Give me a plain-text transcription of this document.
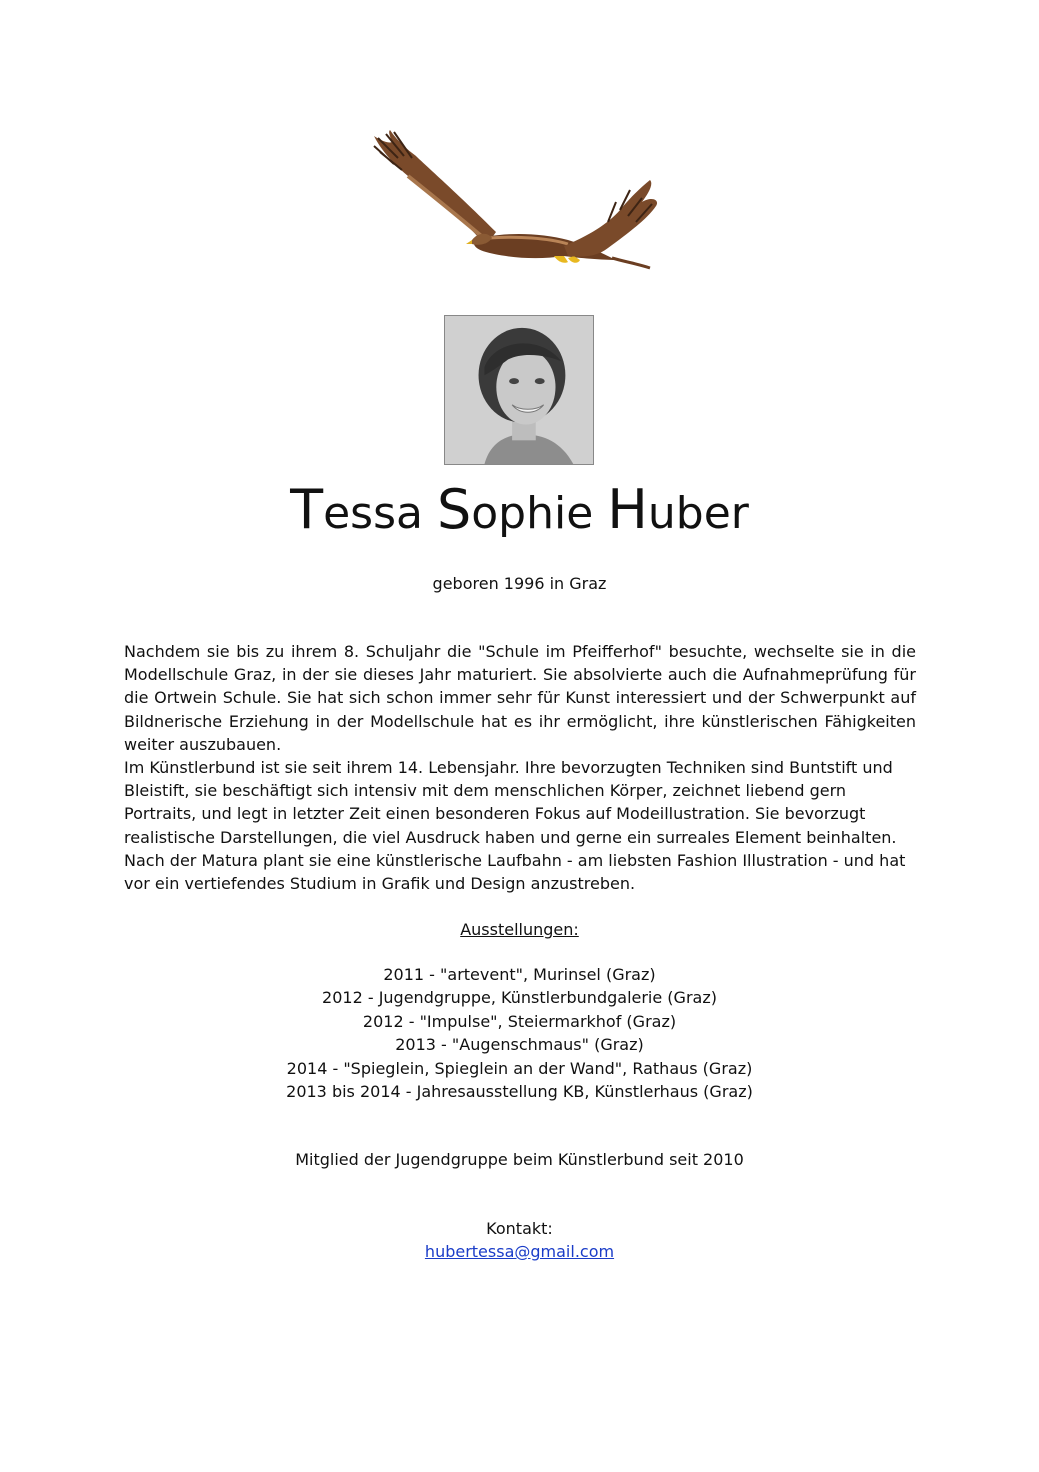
Tessa Sophie Huber
geboren 1996 in Graz

Nachdem sie bis zu ihrem 8. Schuljahr die "Schule im Pfeifferhof" besuchte, wechselte sie in die Modellschule Graz, in der sie dieses Jahr maturiert. Sie absolvierte auch die Aufnahmeprüfung für die Ortwein Schule. Sie hat sich schon immer sehr für Kunst interessiert und der Schwerpunkt auf Bildnerische Erziehung in der Modellschule hat es ihr ermöglicht, ihre künstlerischen Fähigkeiten weiter auszubauen.

Im Künstlerbund ist sie seit ihrem 14. Lebensjahr. Ihre bevorzugten Techniken sind Buntstift und Bleistift, sie beschäftigt sich intensiv mit dem menschlichen Körper, zeichnet liebend gern Portraits, und legt in letzter Zeit einen besonderen Fokus auf Modeillustration. Sie bevorzugt realistische Darstellungen, die viel Ausdruck haben und gerne ein surreales Element beinhalten. Nach der Matura plant sie eine künstlerische Laufbahn - am liebsten Fashion Illustration - und hat vor ein vertiefendes Studium in Grafik und Design anzustreben.

Ausstellungen:
2011 - "artevent", Murinsel (Graz)
2012 - Jugendgruppe, Künstlerbundgalerie (Graz)
2012 - "Impulse", Steiermarkhof (Graz)
2013 - "Augenschmaus" (Graz)
2014 - "Spieglein, Spieglein an der Wand", Rathaus (Graz)
2013 bis 2014 - Jahresausstellung KB, Künstlerhaus (Graz)
Mitglied der Jugendgruppe beim Künstlerbund seit 2010
Kontakt:
hubertessa@gmail.com
